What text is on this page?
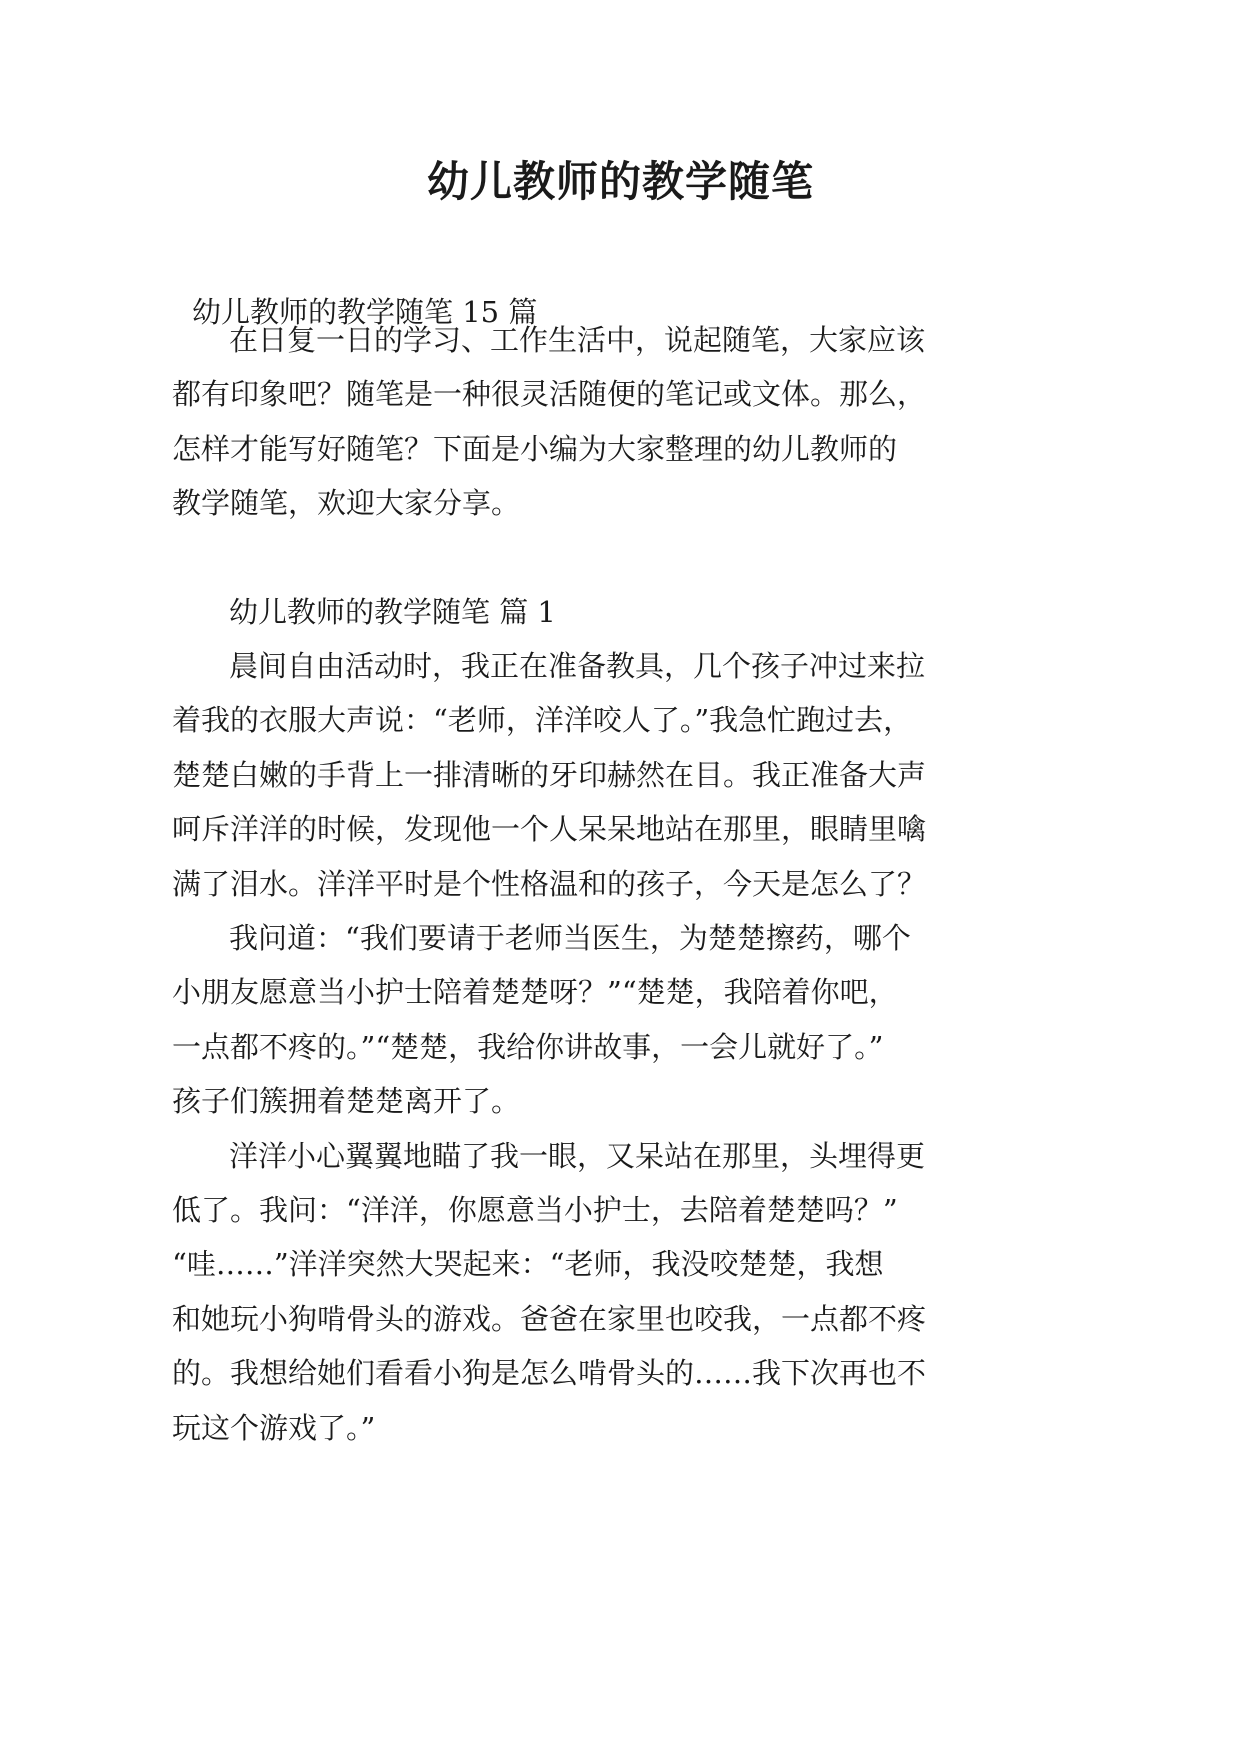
幼儿教师的教学随笔

幼儿教师的教学随笔 15 篇

在日复一日的学习、工作生活中，说起随笔，大家应该

都有印象吧？随笔是一种很灵活随便的笔记或文体。那么，

怎样才能写好随笔？下面是小编为大家整理的幼儿教师的

教学随笔，欢迎大家分享。

幼儿教师的教学随笔 篇 1

晨间自由活动时，我正在准备教具，几个孩子冲过来拉

着我的衣服大声说：“老师，洋洋咬人了。”我急忙跑过去，

楚楚白嫩的手背上一排清晰的牙印赫然在目。我正准备大声

呵斥洋洋的时候，发现他一个人呆呆地站在那里，眼睛里噙

满了泪水。洋洋平时是个性格温和的孩子，今天是怎么了？

我问道：“我们要请于老师当医生，为楚楚擦药，哪个

小朋友愿意当小护士陪着楚楚呀？”“楚楚，我陪着你吧，

一点都不疼的。”“楚楚，我给你讲故事，一会儿就好了。”

孩子们簇拥着楚楚离开了。

洋洋小心翼翼地瞄了我一眼，又呆站在那里，头埋得更

低了。我问：“洋洋，你愿意当小护士，去陪着楚楚吗？”

“哇……”洋洋突然大哭起来：“老师，我没咬楚楚，我想

和她玩小狗啃骨头的游戏。爸爸在家里也咬我，一点都不疼

的。我想给她们看看小狗是怎么啃骨头的……我下次再也不

玩这个游戏了。”
